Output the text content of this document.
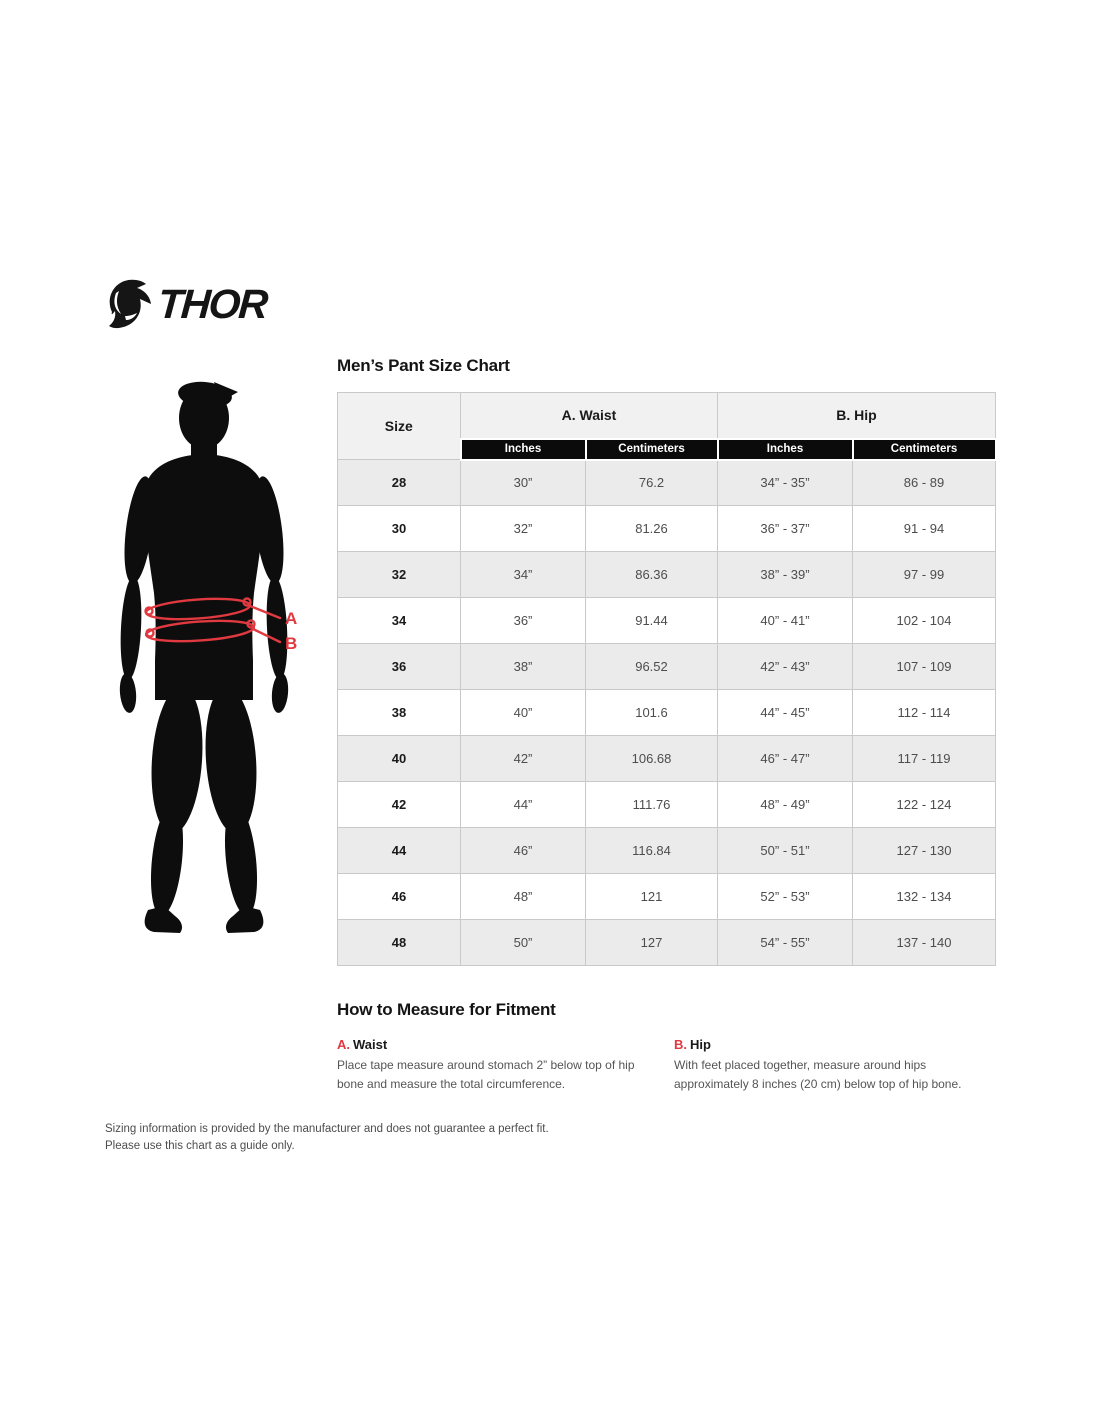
THOR
A
B
Men’s Pant Size Chart
Size	A. Waist		B. Hip	
	Inches	Centimeters	Inches	Centimeters
28	30”	76.2	34” - 35”	86 - 89
30	32”	81.26	36” - 37”	91 - 94
32	34”	86.36	38” - 39”	97 - 99
34	36”	91.44	40” - 41”	102 - 104
36	38”	96.52	42” - 43”	107 - 109
38	40”	101.6	44” - 45”	112 - 114
40	42”	106.68	46” - 47”	117 - 119
42	44”	111.76	48” - 49”	122 - 124
44	46”	116.84	50” - 51”	127 - 130
46	48”	121	52” - 53”	132 - 134
48	50”	127	54” - 55”	137 - 140
How to Measure for Fitment
A. Waist

Place tape measure around stomach 2” below top of hip bone and measure the total circumference.

B. Hip

With feet placed together, measure around hips approximately 8 inches (20 cm) below top of hip bone.

Sizing information is provided by the manufacturer and does not guarantee a perfect fit.

Please use this chart as a guide only.
